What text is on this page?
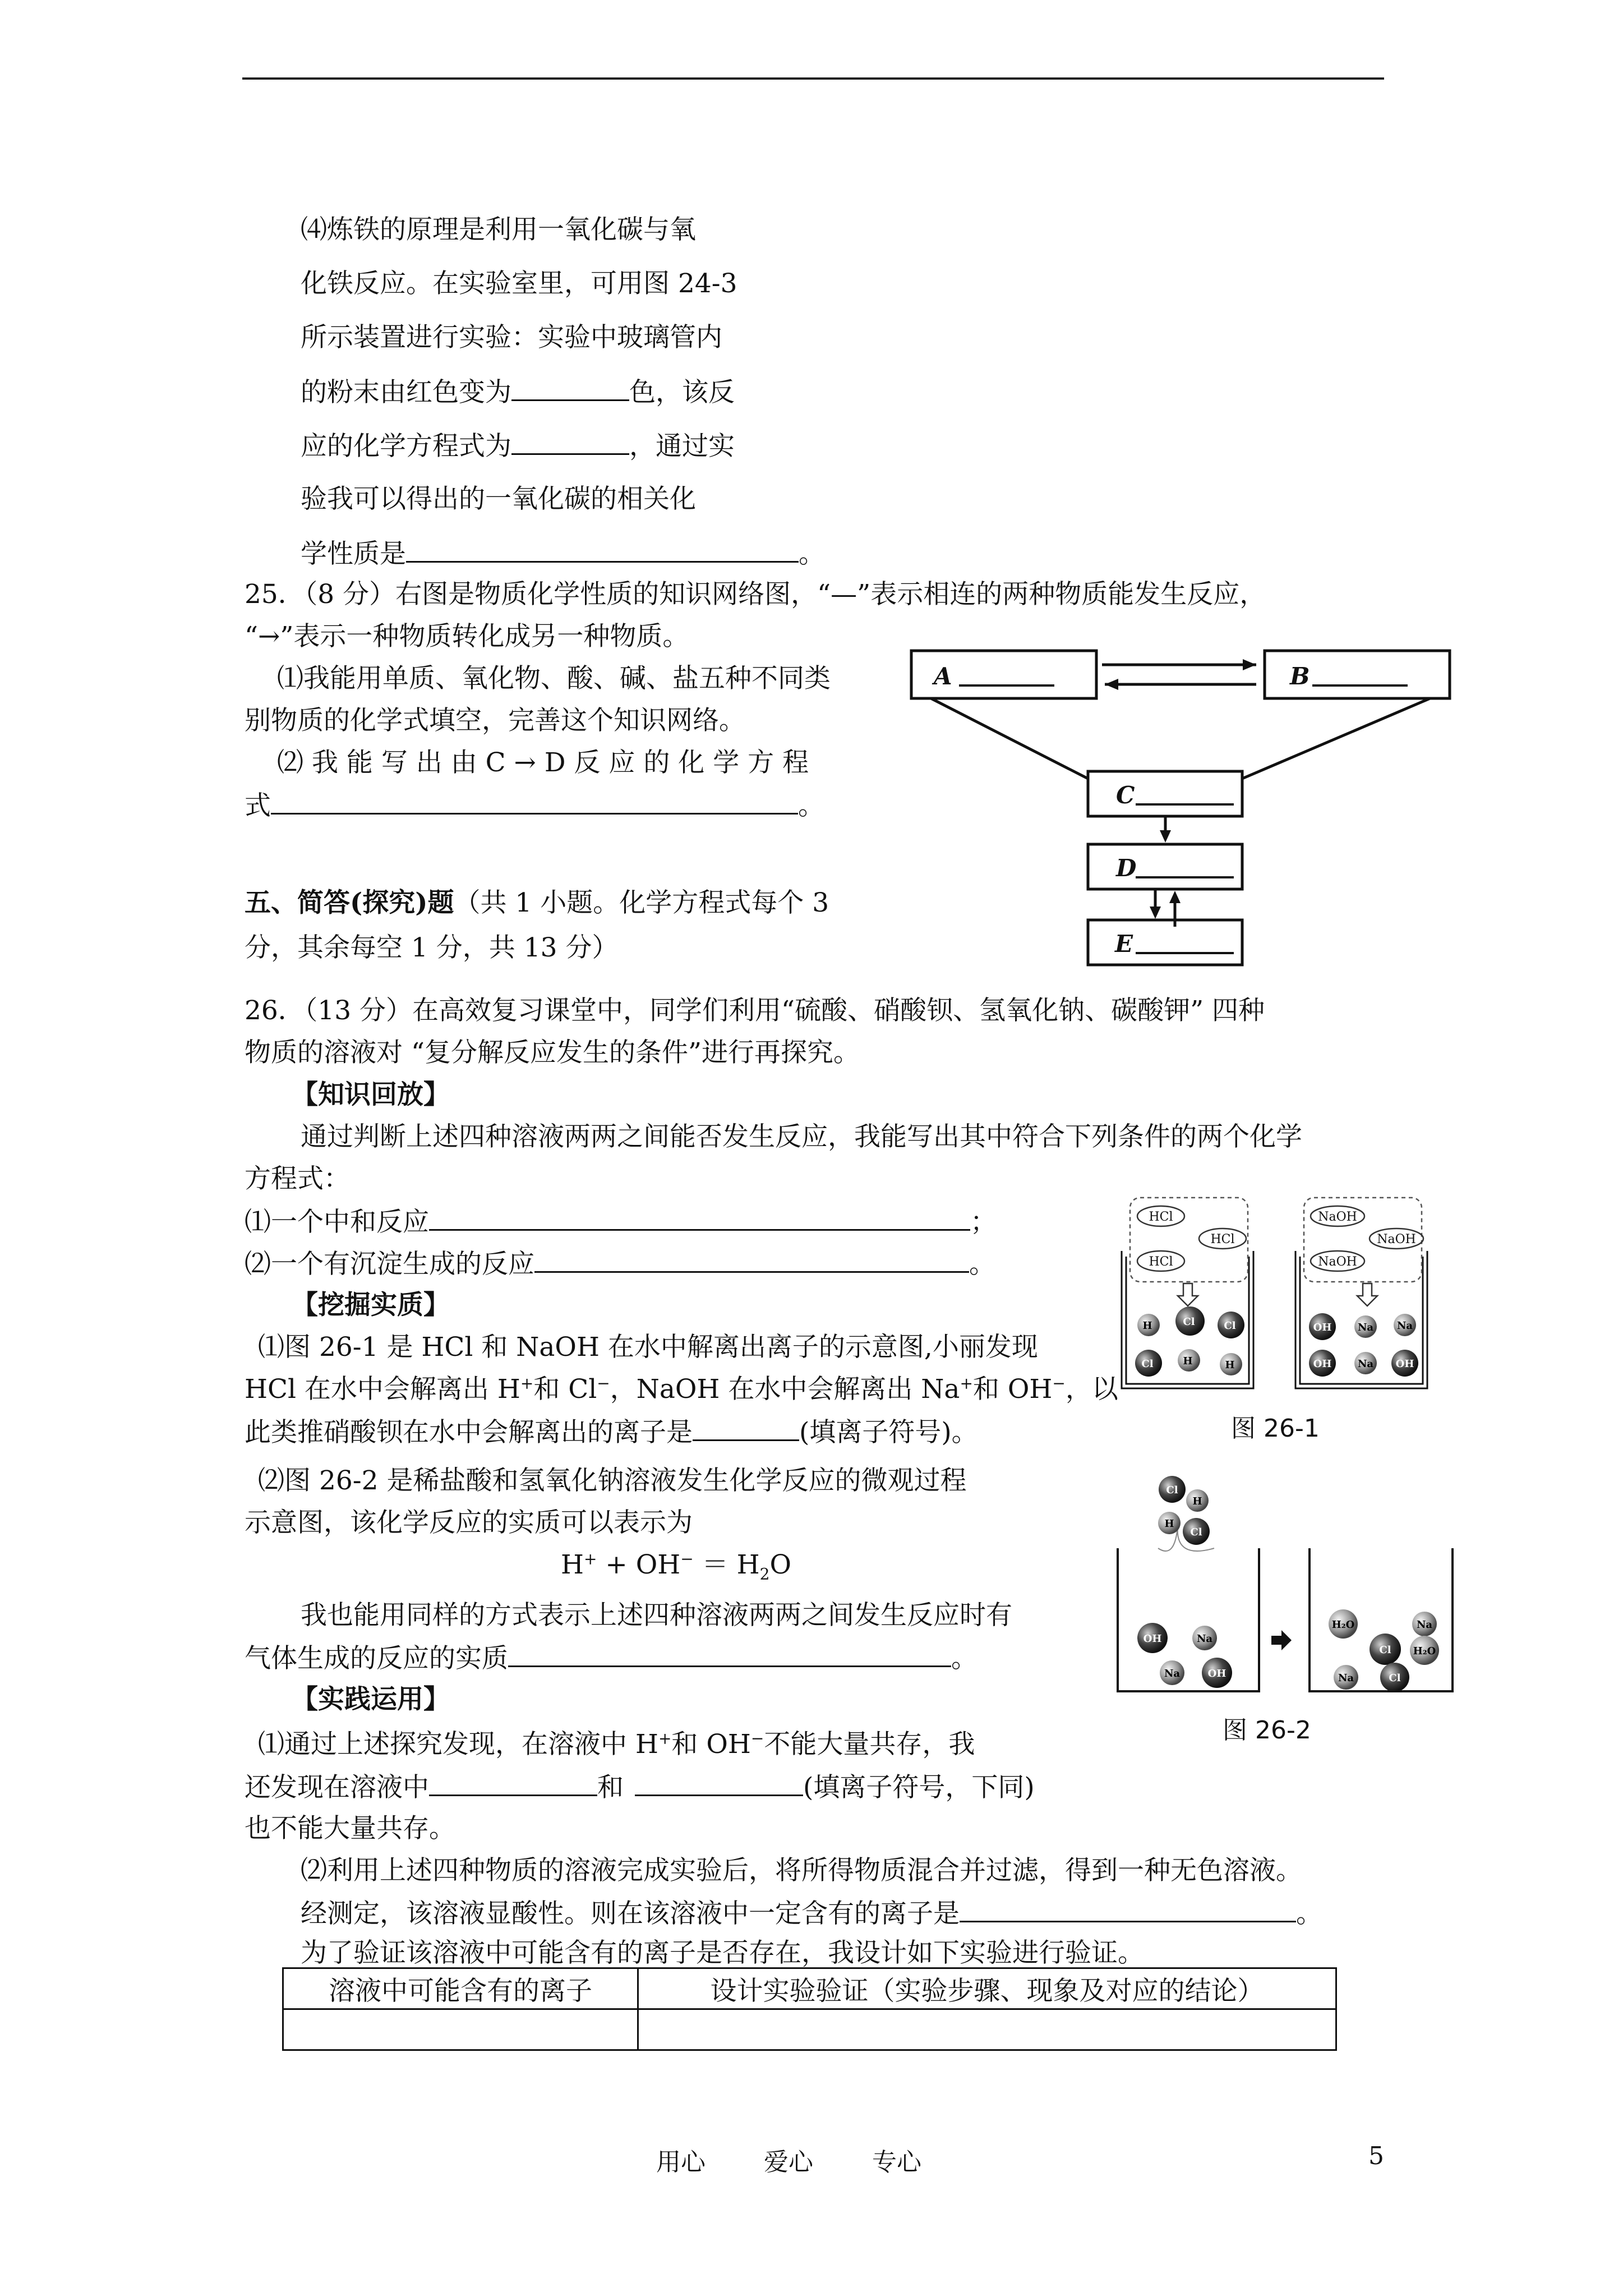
⑷炼铁的原理是利用一氧化碳与氧
化铁反应。在实验室里，可用图 24-3
所示装置进行实验：实验中玻璃管内
的粉末由红色变为	色，该反
应的化学方程式为	，通过实
验我可以得出的一氧化碳的相关化
学性质是	。
25．（8 分）右图是物质化学性质的知识网络图，“—”表示相连的两种物质能发生反应，
“→”表示一种物质转化成另一种物质。
⑴我能用单质、氧化物、酸、碱、盐五种不同类
别物质的化学式填空，完善这个知识网络。
⑵ 我 能 写 出 由 C → D 反 应 的 化 学 方 程
式	。
A	B
C
D
E
五、简答(探究)题（共 1 小题。化学方程式每个 3
分，其余每空 1 分，共 13 分）
26．（13 分）在高效复习课堂中，同学们利用“硫酸、硝酸钡、氢氧化钠、碳酸钾” 四种
物质的溶液对 “复分解反应发生的条件”进行再探究。
【知识回放】
通过判断上述四种溶液两两之间能否发生反应，我能写出其中符合下列条件的两个化学
方程式：
⑴一个中和反应	；
⑵一个有沉淀生成的反应	。
【挖掘实质】
⑴图 26-1 是 HCl 和 NaOH 在水中解离出离子的示意图,小丽发现
HCl 在水中会解离出 H+和 Cl−，NaOH 在水中会解离出 Na+和 OH−，以
此类推硝酸钡在水中会解离出的离子是	(填离子符号)。
⑵图 26-2 是稀盐酸和氢氧化钠溶液发生化学反应的微观过程
示意图，该化学反应的实质可以表示为
$H^+ + OH^- = H_2O$
我也能用同样的方式表示上述四种溶液两两之间发生反应时有
气体生成的反应的实质	。
【实践运用】
⑴通过上述探究发现，在溶液中 H+和 OH−不能大量共存，我
还发现在溶液中	和	(填离子符号，下同)
也不能大量共存。
⑵利用上述四种物质的溶液完成实验后，将所得物质混合并过滤，得到一种无色溶液。
经测定，该溶液显酸性。则在该溶液中一定含有的离子是	。
为了验证该溶液中可能含有的离子是否存在，我设计如下实验进行验证。
溶液中可能含有的离子	设计实验验证（实验步骤、现象及对应的结论）

HCl
HCl
HCl
NaOH
NaOH
NaOH
H	Cl	Cl
Cl	H	H
OH	Na Na
OH	Na OH
图 26-1
Cl
H
H
Cl
OH	Na
Na	OH
H₂O	Na
Cl H₂O
Na	Cl
图 26-2
用心 爱心 专心	5
